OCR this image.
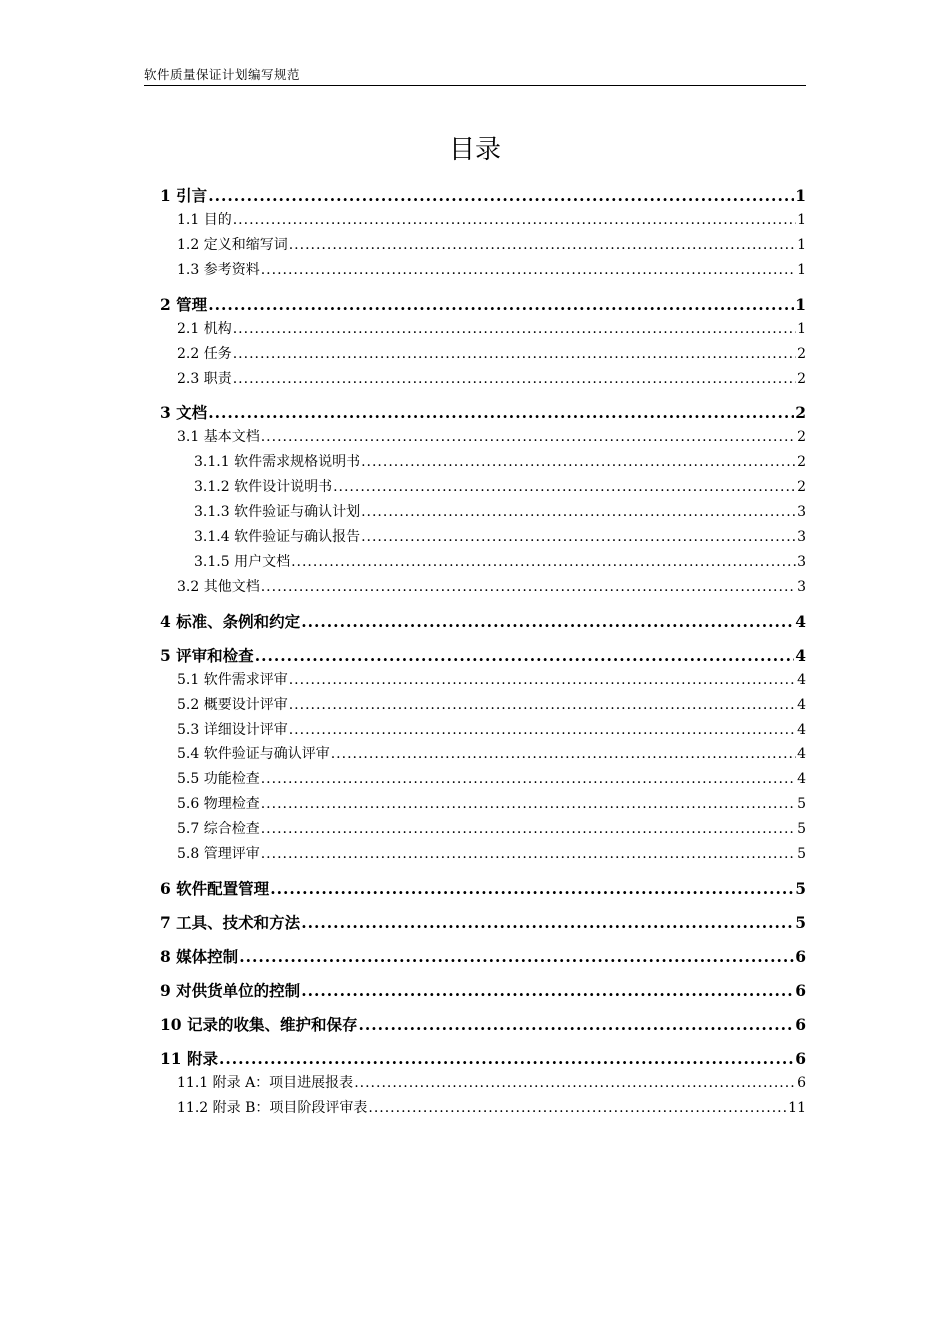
软件质量保证计划编写规范
目录
1 引言 .....	1
1.1 目的 .....	1
1.2 定义和缩写词 .....	1
1.3 参考资料 .....	1
2 管理 .....	1
2.1 机构 .....	1
2.2 任务 .....	2
2.3 职责 .....	2
3 文档 .....	2
3.1 基本文档 .....	2
3.1.1 软件需求规格说明书 .....	2
3.1.2 软件设计说明书 .....	2
3.1.3 软件验证与确认计划 .....	3
3.1.4 软件验证与确认报告 .....	3
3.1.5 用户文档 .....	3
3.2 其他文档 .....	3
4 标准、条例和约定 .....	4
5 评审和检查 .....	4
5.1 软件需求评审 .....	4
5.2 概要设计评审 .....	4
5.3 详细设计评审 .....	4
5.4 软件验证与确认评审 .....	4
5.5 功能检查 .....	4
5.6 物理检查 .....	5
5.7 综合检查 .....	5
5.8 管理评审 .....	5
6 软件配置管理 .....	5
7 工具、技术和方法 .....	5
8 媒体控制 .....	6
9 对供货单位的控制 .....	6
10 记录的收集、维护和保存 .....	6
11 附录 .....	6
11.1 附录 A：项目进展报表 .....	6
11.2 附录 B：项目阶段评审表 .....	11
